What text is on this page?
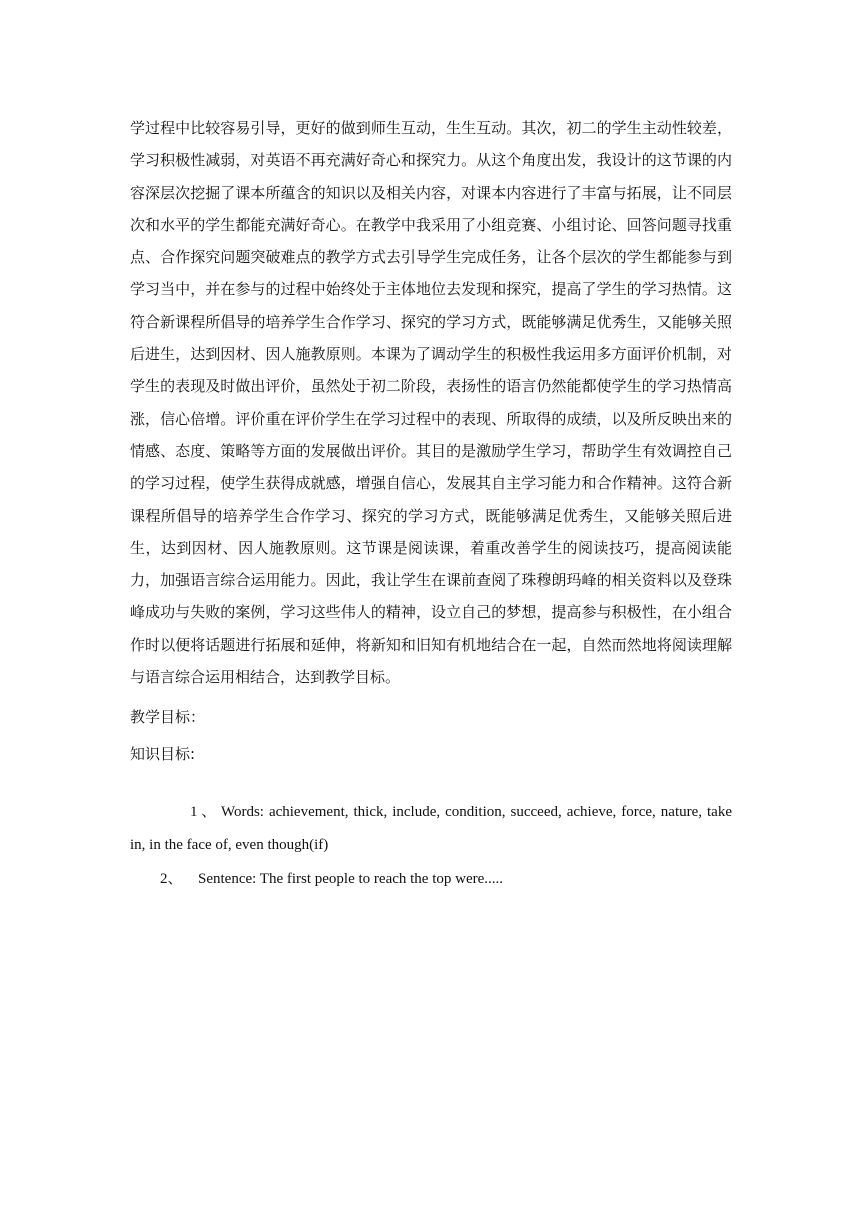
学过程中比较容易引导，更好的做到师生互动，生生互动。其次，初二的学生主动性较差，学习积极性减弱，对英语不再充满好奇心和探究力。从这个角度出发，我设计的这节课的内容深层次挖掘了课本所蕴含的知识以及相关内容，对课本内容进行了丰富与拓展，让不同层次和水平的学生都能充满好奇心。在教学中我采用了小组竞赛、小组讨论、回答问题寻找重点、合作探究问题突破难点的教学方式去引导学生完成任务，让各个层次的学生都能参与到学习当中，并在参与的过程中始终处于主体地位去发现和探究，提高了学生的学习热情。这符合新课程所倡导的培养学生合作学习、探究的学习方式，既能够满足优秀生，又能够关照后进生，达到因材、因人施教原则。本课为了调动学生的积极性我运用多方面评价机制，对学生的表现及时做出评价，虽然处于初二阶段，表扬性的语言仍然能都使学生的学习热情高涨，信心倍增。评价重在评价学生在学习过程中的表现、所取得的成绩，以及所反映出来的情感、态度、策略等方面的发展做出评价。其目的是激励学生学习，帮助学生有效调控自己的学习过程，使学生获得成就感，增强自信心，发展其自主学习能力和合作精神。这符合新课程所倡导的培养学生合作学习、探究的学习方式，既能够满足优秀生，又能够关照后进生，达到因材、因人施教原则。这节课是阅读课，着重改善学生的阅读技巧，提高阅读能力，加强语言综合运用能力。因此，我让学生在课前查阅了珠穆朗玛峰的相关资料以及登珠峰成功与失败的案例，学习这些伟人的精神，设立自己的梦想，提高参与积极性，在小组合作时以便将话题进行拓展和延伸，将新知和旧知有机地结合在一起，自然而然地将阅读理解与语言综合运用相结合，达到教学目标。

教学目标：

知识目标:

1 、 Words: achievement, thick, include, condition, succeed, achieve, force, nature, take in, in the face of, even though(if)

2、 Sentence: The first people to reach the top were.....
